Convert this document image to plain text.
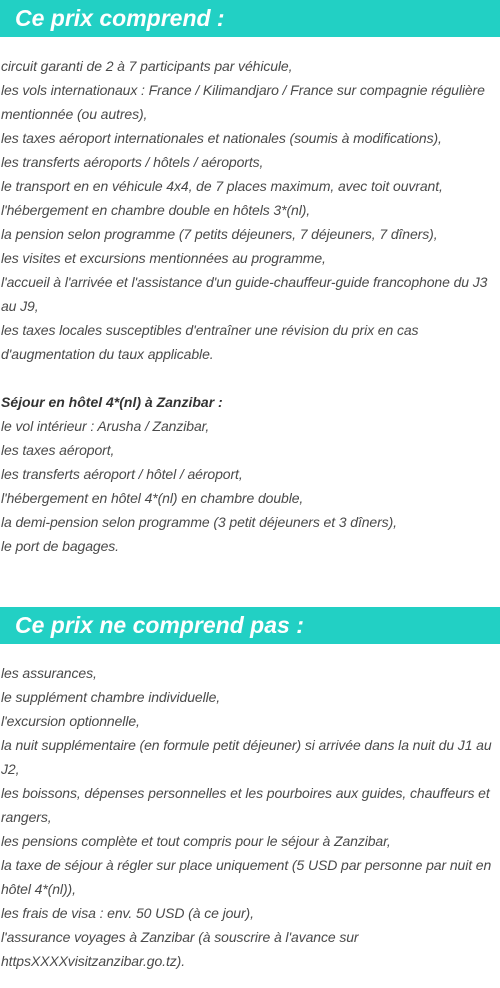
Ce prix comprend :
circuit garanti de 2 à 7 participants par véhicule,
les vols internationaux : France / Kilimandjaro / France sur compagnie régulière mentionnée (ou autres),
les taxes aéroport internationales et nationales (soumis à modifications),
les transferts aéroports / hôtels / aéroports,
le transport en en véhicule 4x4, de 7 places maximum, avec toit ouvrant,
l'hébergement en chambre double en hôtels 3*(nl),
la pension selon programme (7 petits déjeuners, 7 déjeuners, 7 dîners),
les visites et excursions mentionnées au programme,
l'accueil à l'arrivée et l'assistance d'un guide-chauffeur-guide francophone du J3 au J9,
les taxes locales susceptibles d'entraîner une révision du prix en cas d'augmentation du taux applicable.
Séjour en hôtel 4*(nl) à Zanzibar :
le vol intérieur : Arusha / Zanzibar,
les taxes aéroport,
les transferts aéroport / hôtel / aéroport,
l'hébergement en hôtel 4*(nl) en chambre double,
la demi-pension selon programme (3 petit déjeuners et 3 dîners),
le port de bagages.
Ce prix ne comprend pas :
les assurances,
le supplément chambre individuelle,
l'excursion optionnelle,
la nuit supplémentaire (en formule petit déjeuner) si arrivée dans la nuit du J1 au J2,
les boissons, dépenses personnelles et les pourboires aux guides, chauffeurs et rangers,
les pensions complète et tout compris pour le séjour à Zanzibar,
la taxe de séjour à régler sur place uniquement (5 USD par personne par nuit en hôtel 4*(nl)),
les frais de visa : env. 50 USD (à ce jour),
l'assurance voyages à Zanzibar (à souscrire à l'avance sur httpsXXXXvisitzanzibar.go.tz).
